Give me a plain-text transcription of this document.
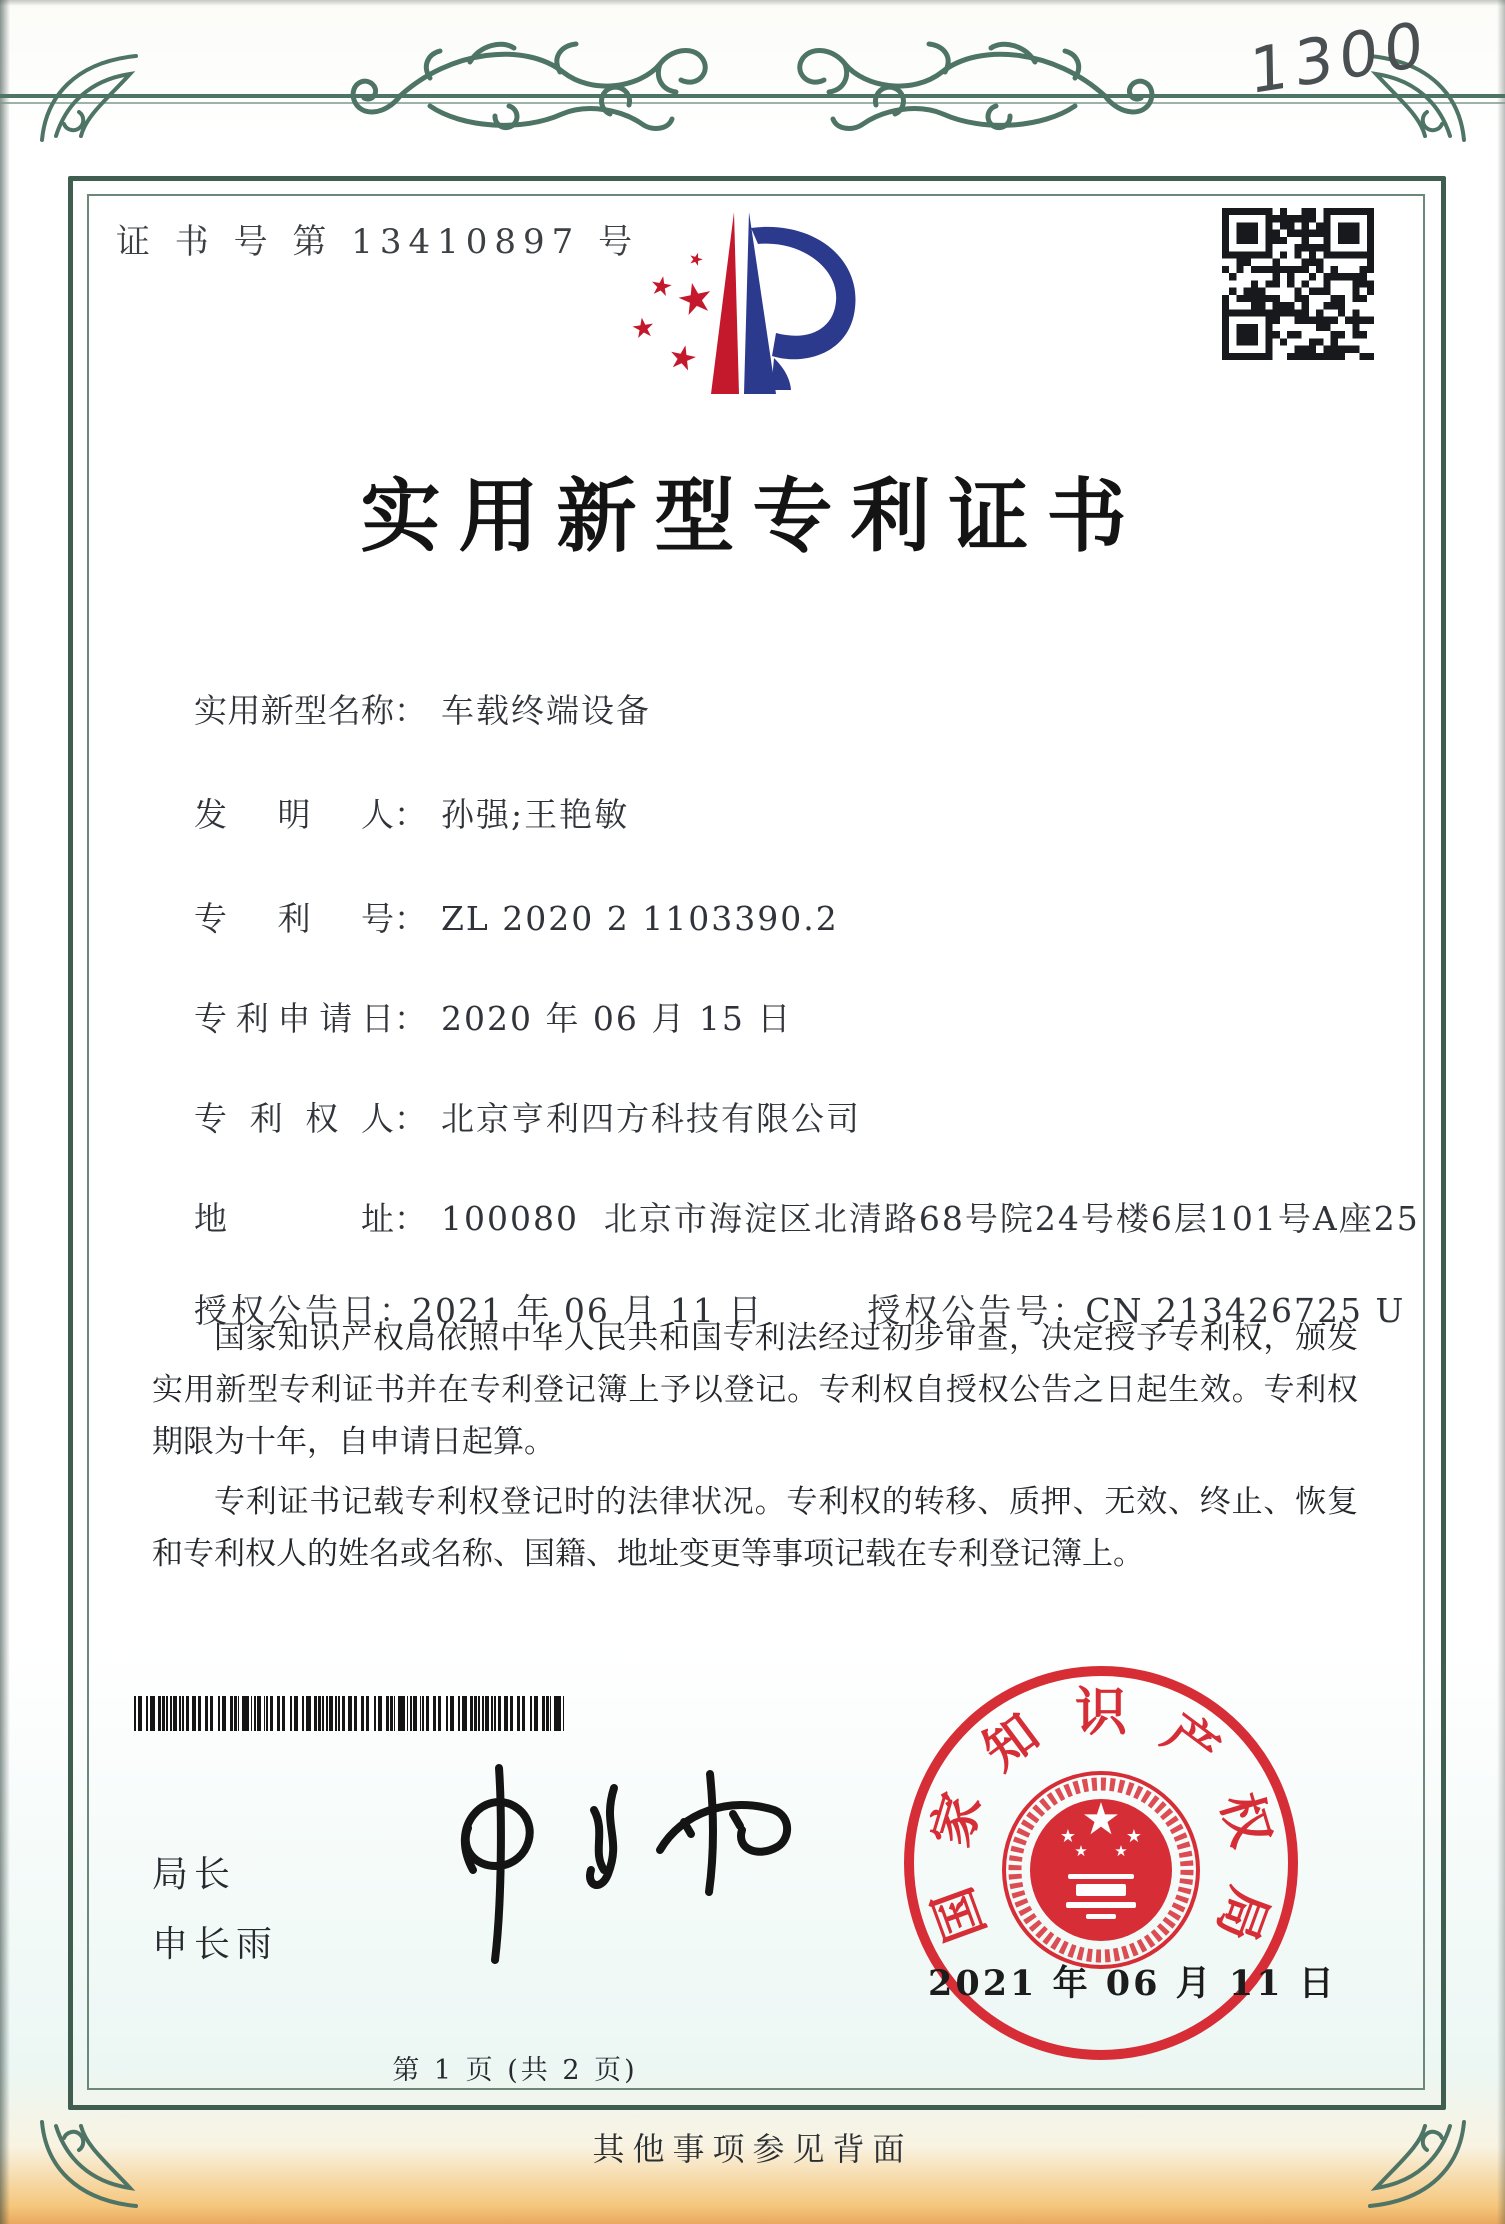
1300
证 书 号 第 13410897 号
★
★
★
★
★
实用新型专利证书

实用新型名称： 车载终端设备

发明人： 孙强;王艳敏

专利号： ZL 2020 2 1103390.2

专利申请日： 2020 年 06 月 15 日

专利权人： 北京亨利四方科技有限公司

地址： 100080  北京市海淀区北清路68号院24号楼6层101号A座25

授权公告日：2021 年 06 月 11 日	授权公告号：CN 213426725 U

国家知识产权局依照中华人民共和国专利法经过初步审查，决定授予专利权，颁发实用新型专利证书并在专利登记簿上予以登记。专利权自授权公告之日起生效。专利权期限为十年，自申请日起算。

专利证书记载专利权登记时的法律状况。专利权的转移、质押、无效、终止、恢复和专利权人的姓名或名称、国籍、地址变更等事项记载在专利登记簿上。

局长
申长雨	国
家
知 识 产
权
局
★
★	★
★ ★
2021 年 06 月 11 日
第 1 页 (共 2 页)
其他事项参见背面
